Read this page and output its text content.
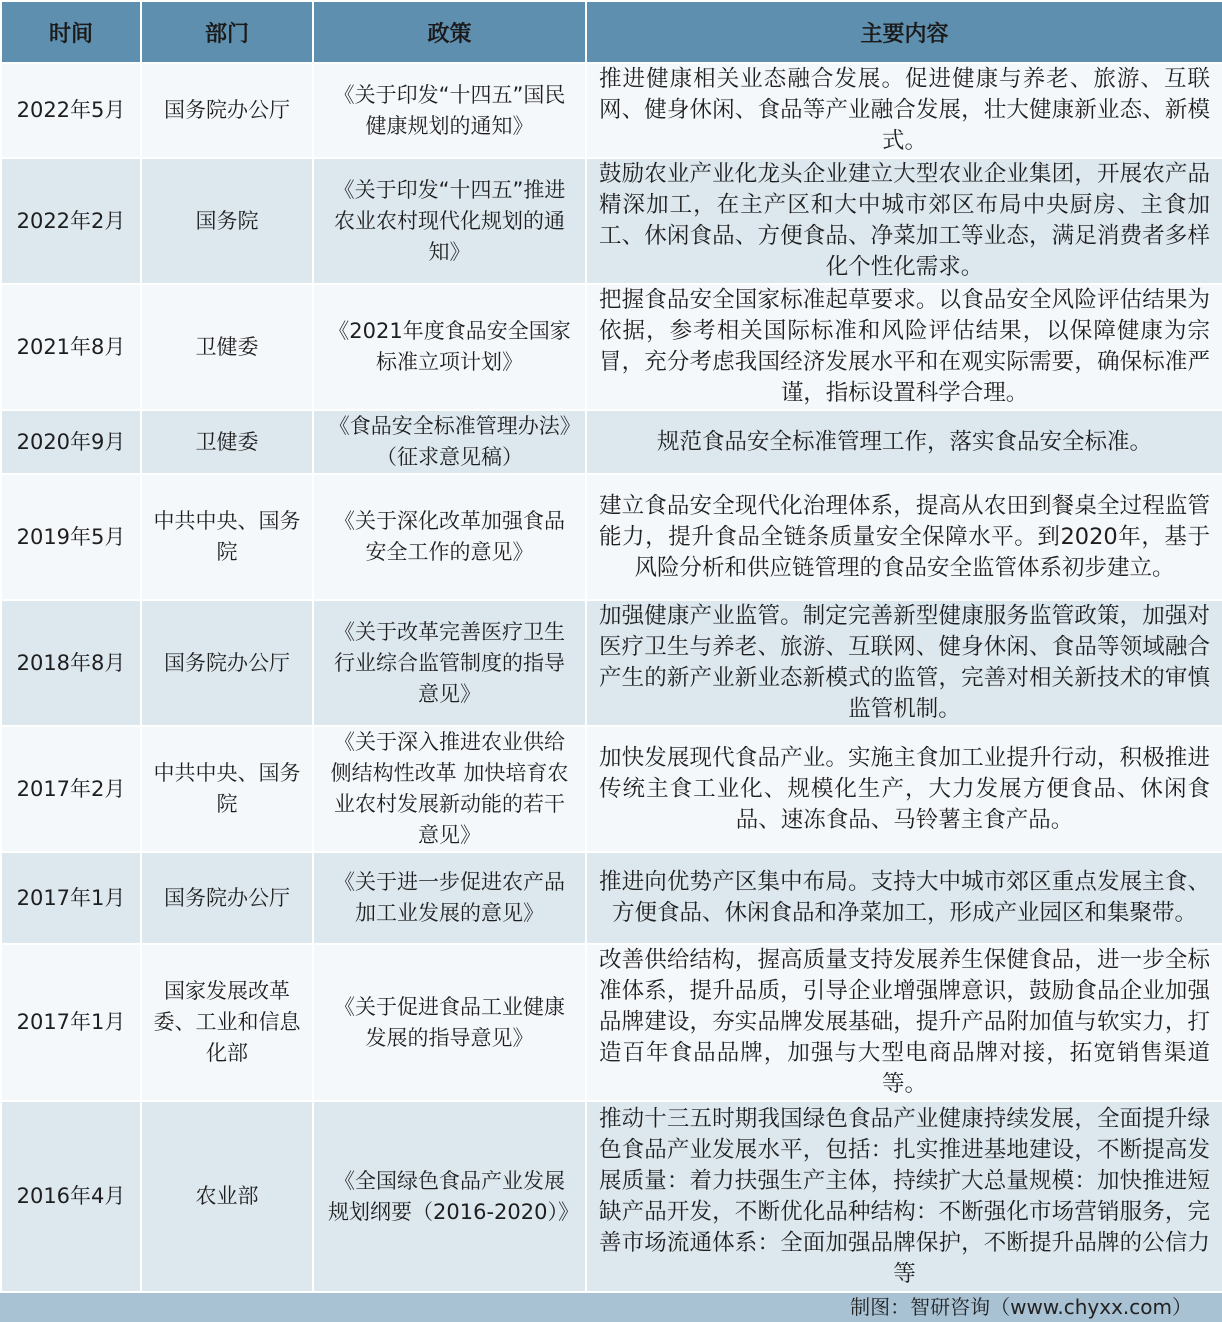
时间	部门	政策	主要内容
2022年5月	国务院办公厅	《关于印发“十四五”国民健康规划的通知》	推进健康相关业态融合发展。促进健康与养老、旅游、互联网、健身休闲、食品等产业融合发展，壮大健康新业态、新模式。
2022年2月	国务院	《关于印发“十四五”推进农业农村现代化规划的通知》	鼓励农业产业化龙头企业建立大型农业企业集团，开展农产品精深加工，在主产区和大中城市郊区布局中央厨房、主食加工、休闲食品、方便食品、净菜加工等业态，满足消费者多样化个性化需求。
2021年8月	卫健委	《2021年度食品安全国家标准立项计划》	把握食品安全国家标准起草要求。以食品安全风险评估结果为依据，参考相关国际标准和风险评估结果，以保障健康为宗冒，充分考虑我国经济发展水平和在观实际需要，确保标准严谨，指标设置科学合理。
2020年9月	卫健委	《食品安全标准管理办法》（征求意见稿）	规范食品安全标准管理工作，落实食品安全标准。
2019年5月	中共中央、国务院	《关于深化改革加强食品安全工作的意见》	建立食品安全现代化治理体系，提高从农田到餐桌全过程监管能力，提升食品全链条质量安全保障水平。到2020年，基于风险分析和供应链管理的食品安全监管体系初步建立。
2018年8月	国务院办公厅	《关于改革完善医疗卫生行业综合监管制度的指导意见》	加强健康产业监管。制定完善新型健康服务监管政策，加强对医疗卫生与养老、旅游、互联网、健身休闲、食品等领域融合产生的新产业新业态新模式的监管，完善对相关新技术的审慎监管机制。
2017年2月	中共中央、国务院	《关于深入推进农业供给侧结构性改革 加快培育农业农村发展新动能的若干意见》	加快发展现代食品产业。实施主食加工业提升行动，积极推进传统主食工业化、规模化生产，大力发展方便食品、休闲食品、速冻食品、马铃薯主食产品。
2017年1月	国务院办公厅	《关于进一步促进农产品加工业发展的意见》	推进向优势产区集中布局。支持大中城市郊区重点发展主食、方便食品、休闲食品和净菜加工，形成产业园区和集聚带。
2017年1月	国家发展改革委、工业和信息化部	《关于促进食品工业健康发展的指导意见》	改善供给结构，握高质量支持发展养生保健食品，进一步全标准体系，提升品质，引导企业增强牌意识，鼓励食品企业加强品牌建设，夯实品牌发展基础，提升产品附加值与软实力，打造百年食品品牌，加强与大型电商品牌对接，拓宽销售渠道等。
2016年4月	农业部	《全国绿色食品产业发展规划纲要（2016-2020）》	推动十三五时期我国绿色食品产业健康持续发展，全面提升绿色食品产业发展水平，包括：扎实推进基地建设，不断提高发展质量：着力扶强生产主体，持续扩大总量规模：加快推进短缺产品开发，不断优化品种结构：不断强化市场营销服务，完善市场流通体系：全面加强品牌保护，不断提升品牌的公信力等
制图：智研咨询（www.chyxx.com）
